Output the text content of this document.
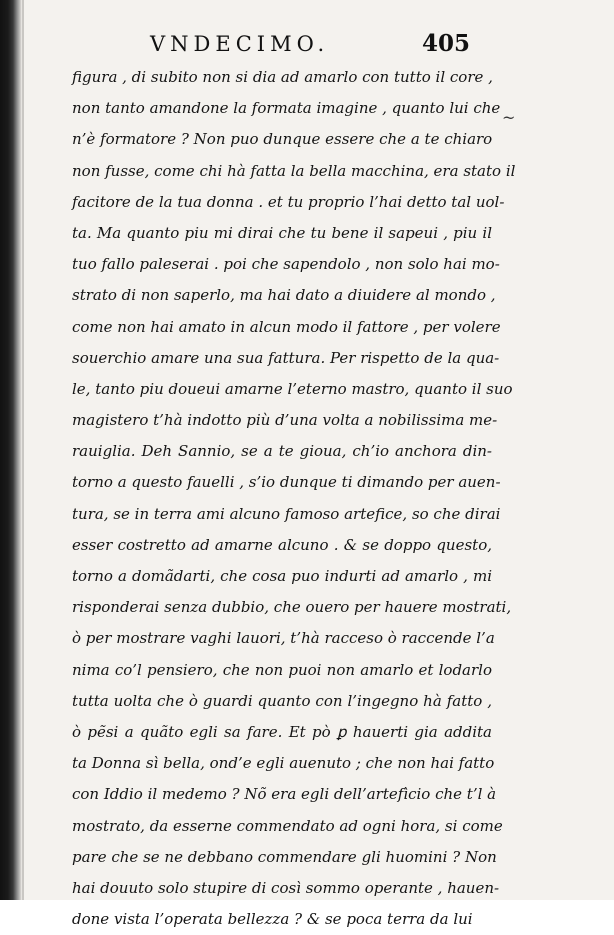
VNDECIMO.	405
~
figura , di subito non si dia ad amarlo con tutto il core ,
non tanto amandone la formata imagine , quanto lui che
n’è formatore ? Non puo dunque essere che a te chiaro
non fusse, come chi hà fatta la bella macchina, era stato il
facitore de la tua donna . et tu proprio l’hai detto tal uol-
ta. Ma quanto piu mi dirai che tu bene il sapeui , piu il
tuo fallo paleserai . poi che sapendolo , non solo hai mo-
strato di non saperlo, ma hai dato a diuidere al mondo ,
come non hai amato in alcun modo il fattore , per volere
souerchio amare una sua fattura. Per rispetto de la qua-
le, tanto piu doueui amarne l’eterno mastro, quanto il suo
magistero t’hà indotto più d’una volta a nobilissima me-
rauiglia. Deh Sannio, se a te gioua, ch’io anchora din-
torno a questo fauelli , s’io dunque ti dimando per auen-
tura, se in terra ami alcuno famoso artefice, so che dirai
esser costretto ad amarne alcuno . & se doppo questo,
torno a domãdarti, che cosa puo indurti ad amarlo , mi
risponderai senza dubbio, che ouero per hauere mostrati,
ò per mostrare vaghi lauori, t’hà racceso ò raccende l’a
nima co’l pensiero, che non puoi non amarlo et lodarlo
tutta uolta che ò guardi quanto con l’ingegno hà fatto ,
ò pẽsi a quãto egli sa fare. Et pò ꝑ hauerti gia addita
ta Donna sì bella, ond’e egli auenuto ; che non hai fatto
con Iddio il medemo ? Nõ era egli dell’artefìcio che t’l à
mostrato, da esserne commendato ad ogni hora, si come
pare che se ne debbano commendare gli huomini ? Non
hai douuto solo stupire di così sommo operante , hauen-
done vista l’operata bellezza ? & se poca terra da lui
